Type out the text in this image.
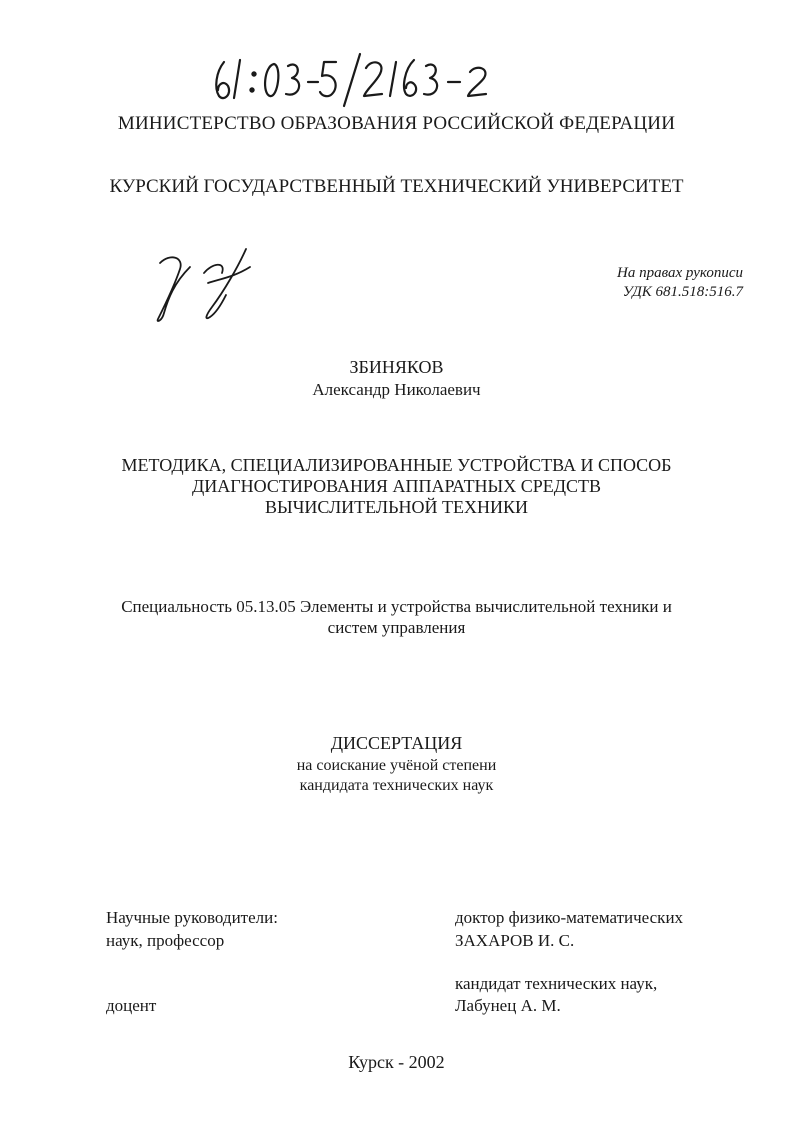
МИНИСТЕРСТВО ОБРАЗОВАНИЯ РОССИЙСКОЙ ФЕДЕРАЦИИ

КУРСКИЙ ГОСУДАРСТВЕННЫЙ ТЕХНИЧЕСКИЙ УНИВЕРСИТЕТ

На правах рукописи
УДК 681.518:516.7

ЗБИНЯКОВ

Александр Николаевич

МЕТОДИКА, СПЕЦИАЛИЗИРОВАННЫЕ УСТРОЙСТВА И СПОСОБ
ДИАГНОСТИРОВАНИЯ АППАРАТНЫХ СРЕДСТВ
ВЫЧИСЛИТЕЛЬНОЙ ТЕХНИКИ
Специальность 05.13.05 Элементы и устройства вычислительной техники и
систем управления

ДИССЕРТАЦИЯ

на соискание учёной степени
кандидата технических наук

Научные руководители:

наук, профессор

доктор физико-математических

ЗАХАРОВ И. С.

кандидат технических наук,

доцент	Лабунец А. М.

Курск - 2002
